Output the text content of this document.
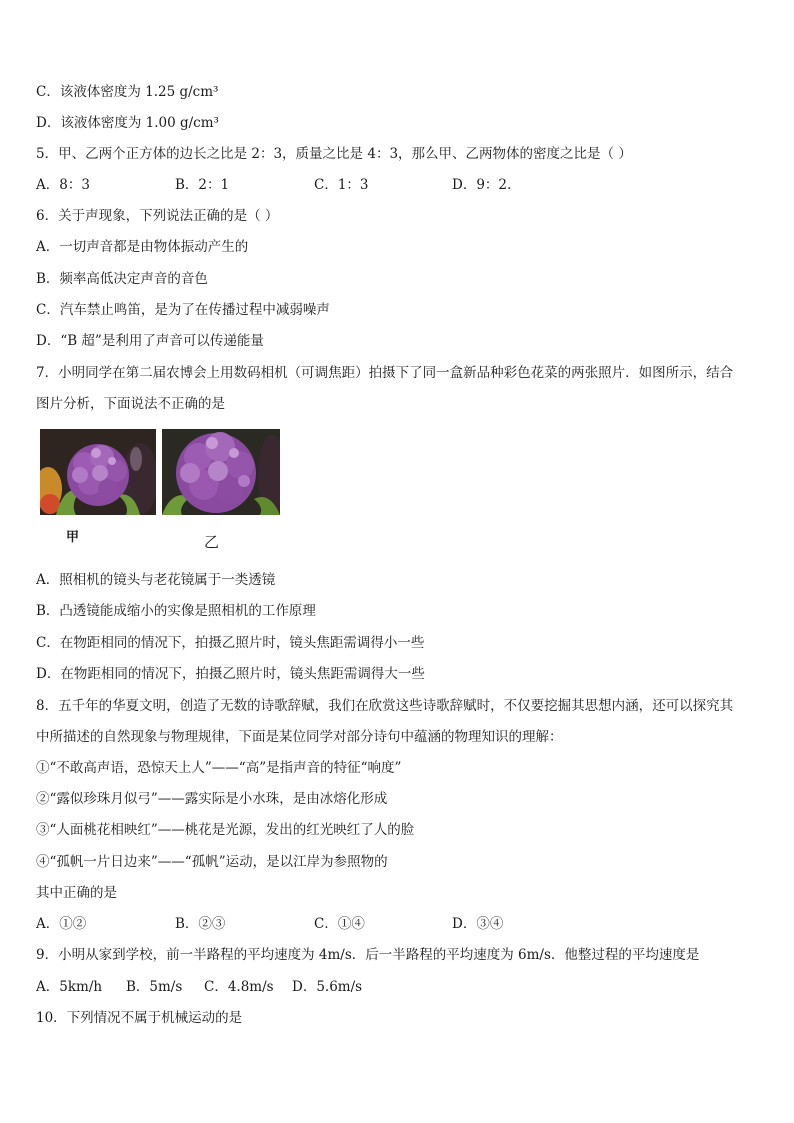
C．该液体密度为 1.25 g/cm³
D．该液体密度为 1.00 g/cm³
5．甲、乙两个正方体的边长之比是 2：3，质量之比是 4：3，那么甲、乙两物体的密度之比是（ ）
A．8：3	B．2：1	C．1：3	D．9：2.
6．关于声现象，下列说法正确的是（ ）
A．一切声音都是由物体振动产生的
B．频率高低决定声音的音色
C．汽车禁止鸣笛，是为了在传播过程中减弱噪声
D．“B 超”是利用了声音可以传递能量
7．小明同学在第二届农博会上用数码相机（可调焦距）拍摄下了同一盒新品种彩色花菜的两张照片．如图所示，结合
图片分析，下面说法不正确的是
甲	乙
A．照相机的镜头与老花镜属于一类透镜
B．凸透镜能成缩小的实像是照相机的工作原理
C．在物距相同的情况下，拍摄乙照片时，镜头焦距需调得小一些
D．在物距相同的情况下，拍摄乙照片时，镜头焦距需调得大一些
8．五千年的华夏文明，创造了无数的诗歌辞赋，我们在欣赏这些诗歌辞赋时，不仅要挖掘其思想内涵，还可以探究其
中所描述的自然现象与物理规律，下面是某位同学对部分诗句中蕴涵的物理知识的理解：
①“不敢高声语，恐惊天上人”——“高”是指声音的特征“响度”
②“露似珍珠月似弓”——露实际是小水珠，是由冰熔化形成
③“人面桃花相映红”——桃花是光源，发出的红光映红了人的脸
④“孤帆一片日边来”——“孤帆”运动，是以江岸为参照物的
其中正确的是
A．①②	B．②③	C．①④	D．③④
9．小明从家到学校，前一半路程的平均速度为 4m/s．后一半路程的平均速度为 6m/s．他整过程的平均速度是
A．5km/h B．5m/s C．4.8m/s D．5.6m/s
10．下列情况不属于机械运动的是
